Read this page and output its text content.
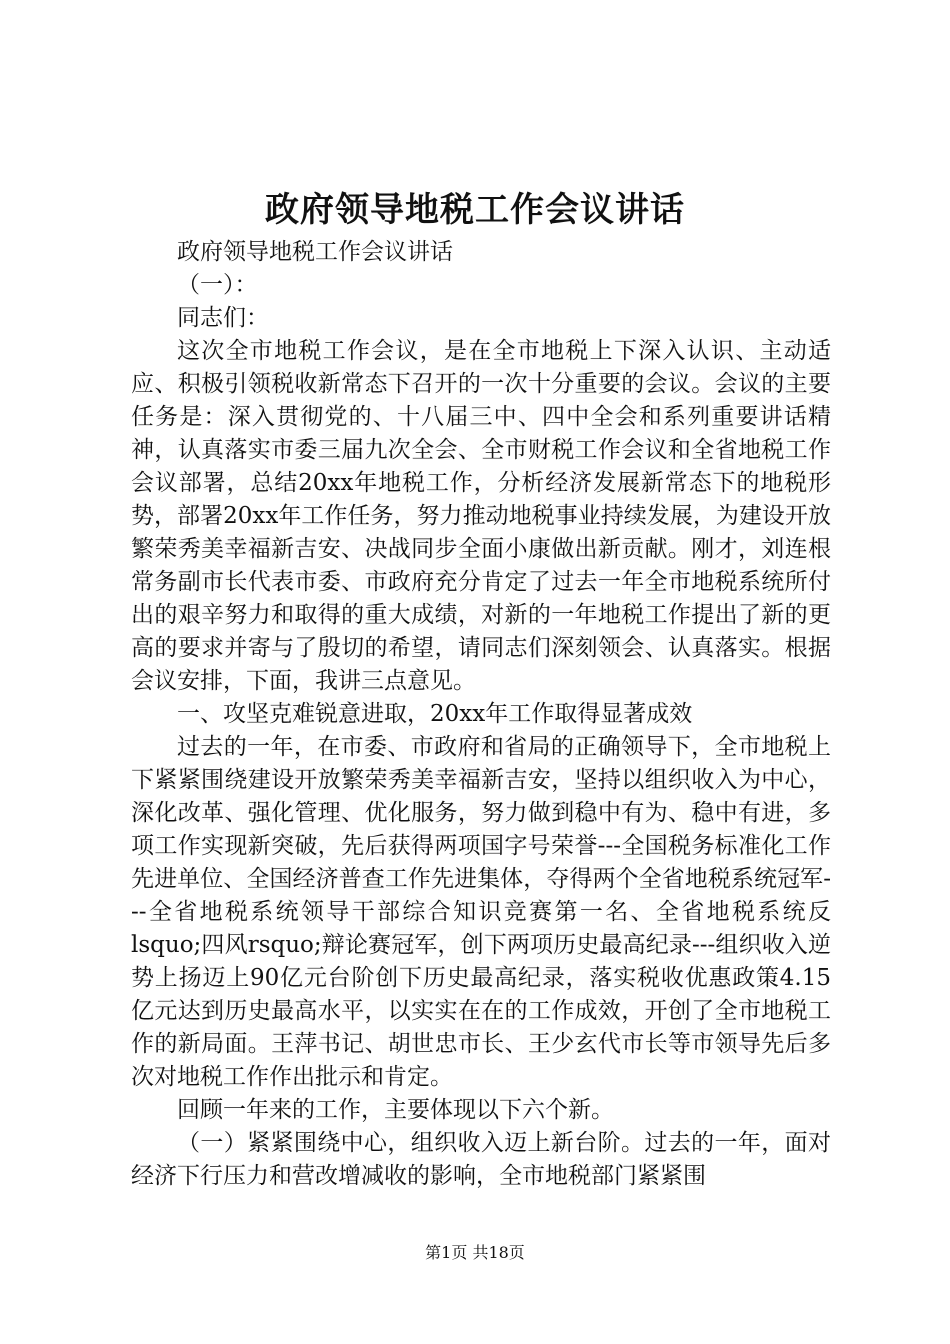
政府领导地税工作会议讲话

政府领导地税工作会议讲话

（一）：

同志们：

这次全市地税工作会议，是在全市地税上下深入认识、主动适应、积极引领税收新常态下召开的一次十分重要的会议。会议的主要任务是：深入贯彻党的、十八届三中、四中全会和系列重要讲话精神，认真落实市委三届九次全会、全市财税工作会议和全省地税工作会议部署，总结20xx年地税工作，分析经济发展新常态下的地税形势，部署20xx年工作任务，努力推动地税事业持续发展，为建设开放繁荣秀美幸福新吉安、决战同步全面小康做出新贡献。刚才，刘连根常务副市长代表市委、市政府充分肯定了过去一年全市地税系统所付出的艰辛努力和取得的重大成绩，对新的一年地税工作提出了新的更高的要求并寄与了殷切的希望，请同志们深刻领会、认真落实。根据会议安排，下面，我讲三点意见。

一、攻坚克难锐意进取，20xx年工作取得显著成效

过去的一年，在市委、市政府和省局的正确领导下，全市地税上下紧紧围绕建设开放繁荣秀美幸福新吉安，坚持以组织收入为中心，深化改革、强化管理、优化服务，努力做到稳中有为、稳中有进，多项工作实现新突破，先后获得两项国字号荣誉---全国税务标准化工作先进单位、全国经济普查工作先进集体，夺得两个全省地税系统冠军---全省地税系统领导干部综合知识竞赛第一名、全省地税系统反lsquo;四风rsquo;辩论赛冠军，创下两项历史最高纪录---组织收入逆势上扬迈上90亿元台阶创下历史最高纪录，落实税收优惠政策4.15亿元达到历史最高水平，以实实在在的工作成效，开创了全市地税工作的新局面。王萍书记、胡世忠市长、王少玄代市长等市领导先后多次对地税工作作出批示和肯定。

回顾一年来的工作，主要体现以下六个新。

（一）紧紧围绕中心，组织收入迈上新台阶。过去的一年，面对经济下行压力和营改增减收的影响，全市地税部门紧紧围

第1页 共18页
